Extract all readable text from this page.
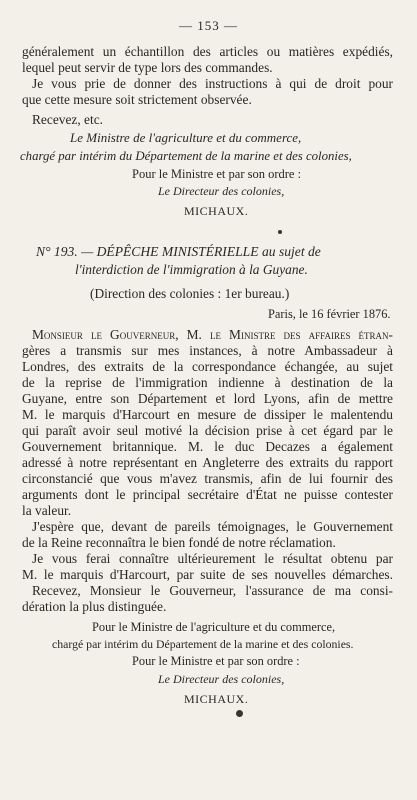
— 153 —
généralement un échantillon des articles ou matières expédiés,
lequel peut servir de type lors des commandes.
Je vous prie de donner des instructions à qui de droit pour
que cette mesure soit strictement observée.
Recevez, etc.
Le Ministre de l'agriculture et du commerce,
chargé par intérim du Département de la marine et des colonies,
Pour le Ministre et par son ordre :
Le Directeur des colonies,
MICHAUX.
N° 193. — DÉPÊCHE MINISTÉRIELLE au sujet de
l'interdiction de l'immigration à la Guyane.
(Direction des colonies : 1er bureau.)
Paris, le 16 février 1876.
Monsieur le Gouverneur, M. le Ministre des affaires étran-
gères a transmis sur mes instances, à notre Ambassadeur à
Londres, des extraits de la correspondance échangée, au sujet
de la reprise de l'immigration indienne à destination de la
Guyane, entre son Département et lord Lyons, afin de mettre
M. le marquis d'Harcourt en mesure de dissiper le malentendu
qui paraît avoir seul motivé la décision prise à cet égard par le
Gouvernement britannique. M. le duc Decazes a également
adressé à notre représentant en Angleterre des extraits du rapport
circonstancié que vous m'avez transmis, afin de lui fournir des
arguments dont le principal secrétaire d'État ne puisse contester
la valeur.
J'espère que, devant de pareils témoignages, le Gouvernement
de la Reine reconnaîtra le bien fondé de notre réclamation.
Je vous ferai connaître ultérieurement le résultat obtenu par
M. le marquis d'Harcourt, par suite de ses nouvelles démarches.
Recevez, Monsieur le Gouverneur, l'assurance de ma consi-
dération la plus distinguée.
Pour le Ministre de l'agriculture et du commerce,
chargé par intérim du Département de la marine et des colonies.
Pour le Ministre et par son ordre :
Le Directeur des colonies,
MICHAUX.
